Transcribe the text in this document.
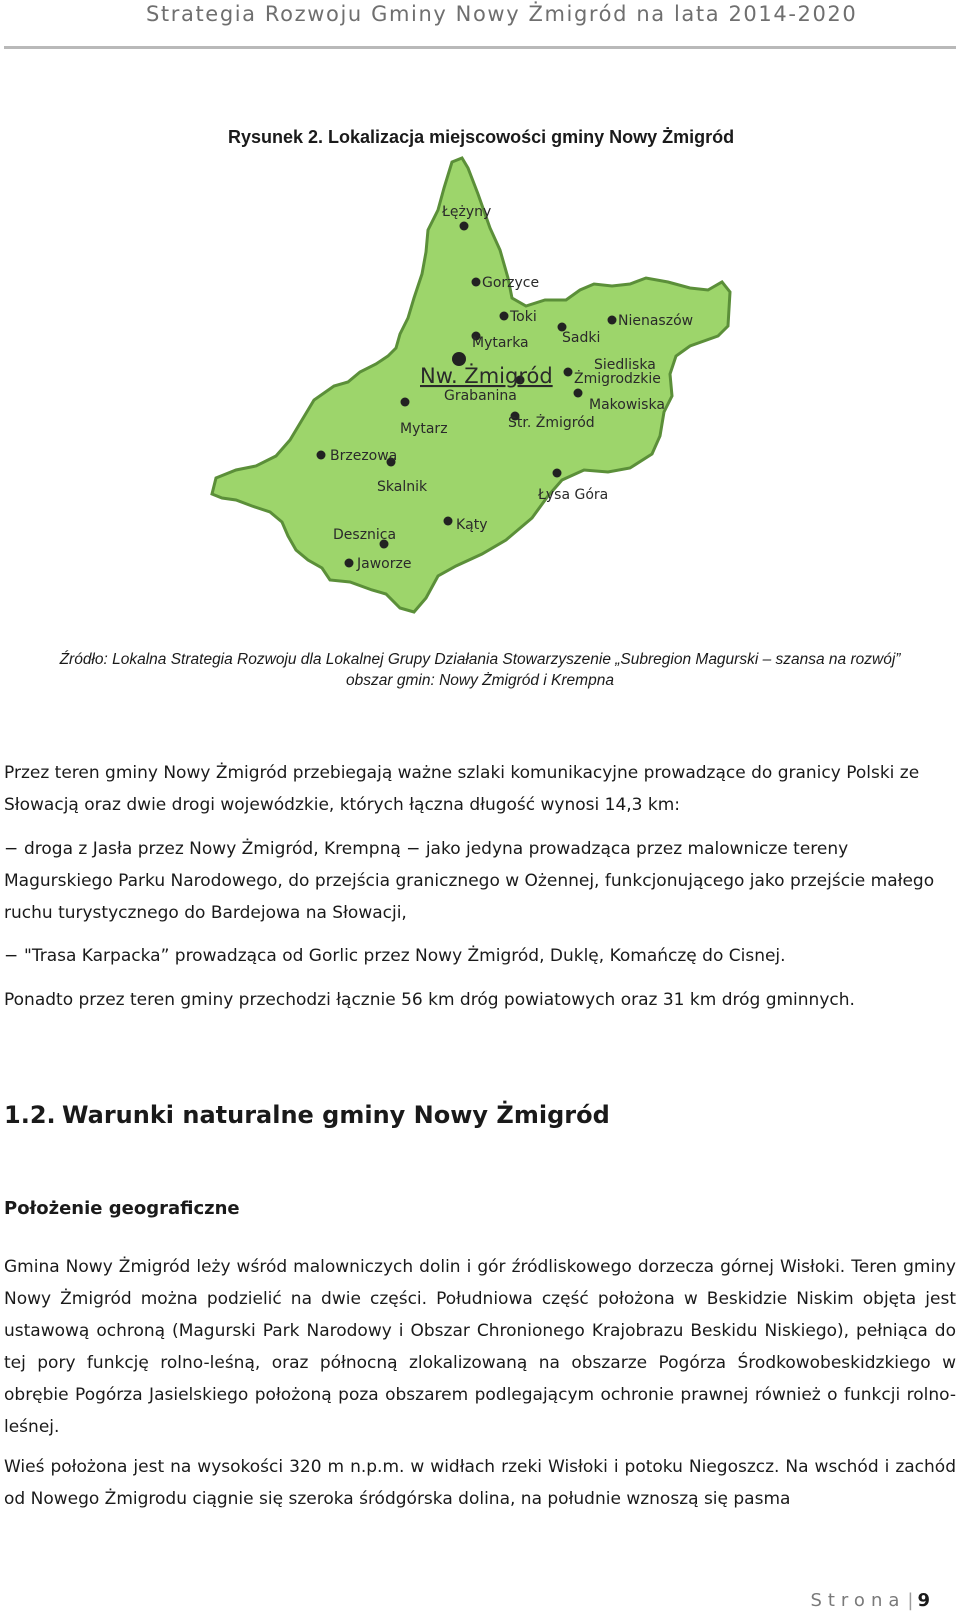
Strategia Rozwoju Gminy Nowy Żmigród na lata 2014-2020
Rysunek 2. Lokalizacja miejscowości gminy Nowy Żmigród
Łężyny
Gorzyce
Toki	Nienaszów
Mytarka Sadki
Nw. Żmigród	Siedliska
Żmigrodzkie
Grabanina
Makowiska
Mytarz	Str. Żmigród
Brzezowa
Skalnik	Łysa Góra
Kąty
Desznica
Jaworze
Źródło: Lokalna Strategia Rozwoju dla Lokalnej Grupy Działania Stowarzyszenie „Subregion Magurski – szansa na rozwój”
obszar gmin: Nowy Żmigród i Krempna

Przez teren gminy Nowy Żmigród przebiegają ważne szlaki komunikacyjne prowadzące do granicy Polski ze Słowacją oraz dwie drogi wojewódzkie, których łączna długość wynosi 14,3 km:

− droga z Jasła przez Nowy Żmigród, Krempną − jako jedyna prowadząca przez malownicze tereny Magurskiego Parku Narodowego, do przejścia granicznego w Ożennej, funkcjonującego jako przejście małego ruchu turystycznego do Bardejowa na Słowacji,

− "Trasa Karpacka” prowadząca od Gorlic przez Nowy Żmigród, Duklę, Komańczę do Cisnej.

Ponadto przez teren gminy przechodzi łącznie 56 km dróg powiatowych oraz 31 km dróg gminnych.

1.2. Warunki naturalne gminy Nowy Żmigród
Położenie geograficzne

Gmina Nowy Żmigród leży wśród malowniczych dolin i gór źródliskowego dorzecza górnej Wisłoki. Teren gminy Nowy Żmigród można podzielić na dwie części. Południowa część położona w Beskidzie Niskim objęta jest ustawową ochroną (Magurski Park Narodowy i Obszar Chronionego Krajobrazu Beskidu Niskiego), pełniąca do tej pory funkcję rolno-leśną, oraz północną zlokalizowaną na obszarze Pogórza Środkowobeskidzkiego w obrębie Pogórza Jasielskiego położoną poza obszarem podlegającym ochronie prawnej również o funkcji rolno-leśnej.

Wieś położona jest na wysokości 320 m n.p.m. w widłach rzeki Wisłoki i potoku Niegoszcz. Na wschód i zachód od Nowego Żmigrodu ciągnie się szeroka śródgórska dolina, na południe wznoszą się pasma

Strona | 9
